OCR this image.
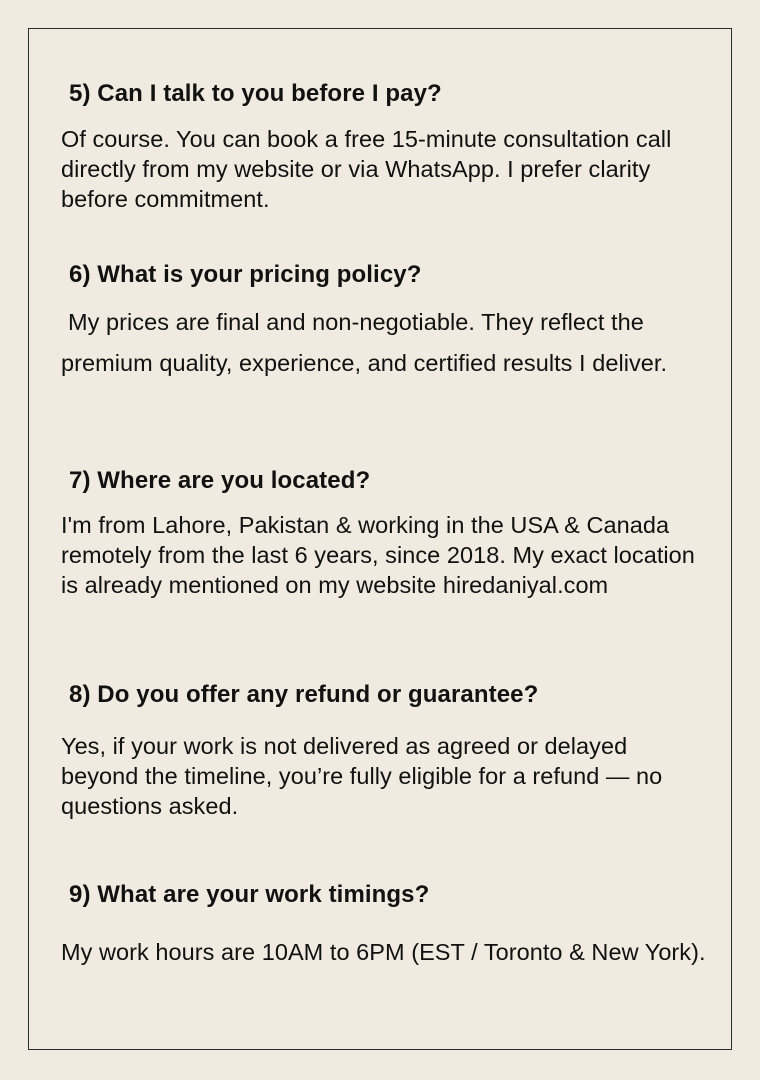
5) Can I talk to you before I pay?

Of course. You can book a free 15-minute consultation call directly from my website or via WhatsApp. I prefer clarity before commitment.

6) What is your pricing policy?

My prices are final and non-negotiable. They reflect the premium quality, experience, and certified results I deliver.

7) Where are you located?

I'm from Lahore, Pakistan & working in the USA & Canada remotely from the last 6 years, since 2018. My exact location is already mentioned on my website hiredaniyal.com

8) Do you offer any refund or guarantee?

Yes, if your work is not delivered as agreed or delayed beyond the timeline, you’re fully eligible for a refund — no questions asked.

9) What are your work timings?

My work hours are 10AM to 6PM (EST / Toronto & New York).
